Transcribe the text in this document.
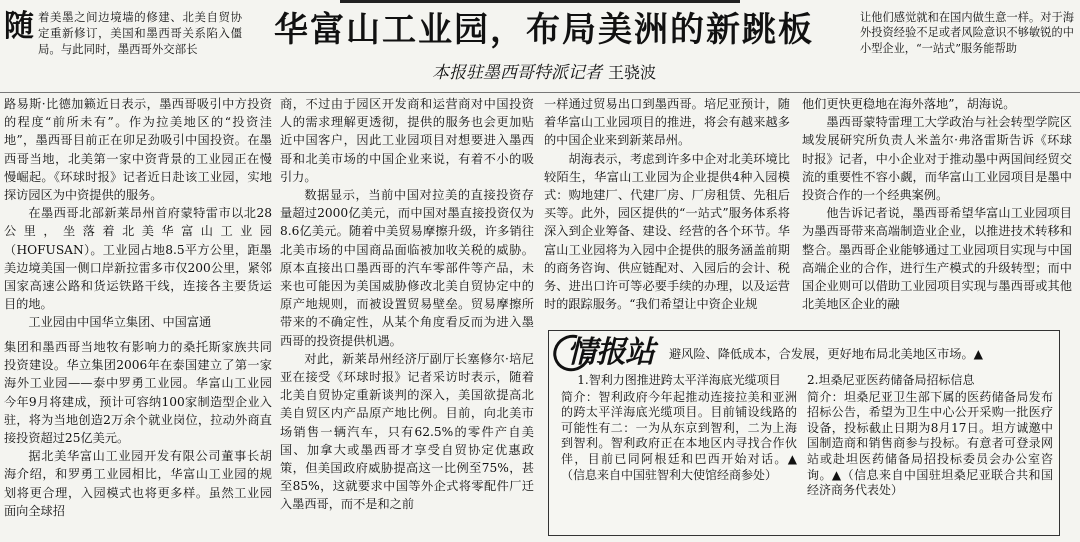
随着美墨之间边境墙的修建、北美自贸协定重新修订，美国和墨西哥关系陷入僵局。与此同时，墨西哥外交部长	华富山工业园，布局美洲的新跳板
本报驻墨西哥特派记者 王骁波
让他们感觉就和在国内做生意一样。对于海外投资经验不足或者风险意识不够敏锐的中小型企业，“一站式”服务能帮助

路易斯·比德加籁近日表示，墨西哥吸引中方投资的程度“前所未有”。作为拉美地区的“投资洼地”，墨西哥目前正在卯足劲吸引中国投资。在墨西哥当地，北美第一家中资背景的工业园正在慢慢崛起。《环球时报》记者近日赴该工业园，实地探访园区为中资提供的服务。

在墨西哥北部新莱昂州首府蒙特雷市以北28公里，坐落着北美华富山工业园（HOFUSAN）。工业园占地8.5平方公里，距墨美边境美国一侧口岸新拉雷多市仅200公里，紧邻国家高速公路和货运铁路干线，连接各主要货运目的地。

工业园由中国华立集团、中国富通

集团和墨西哥当地牧有影响力的桑托斯家族共同投资建设。华立集团2006年在泰国建立了第一家海外工业园——泰中罗勇工业园。华富山工业园今年9月将建成，预计可容纳100家制造型企业入驻，将为当地创造2万余个就业岗位，拉动外商直接投资超过25亿美元。

据北美华富山工业园开发有限公司董事长胡海介绍，和罗勇工业园相比，华富山工业园的规划将更合理，入园模式也将更多样。虽然工业园面向全球招

商，不过由于园区开发商和运营商对中国投资人的需求理解更透彻，提供的服务也会更加贴近中国客户，因此工业园项目对想要进入墨西哥和北美市场的中国企业来说，有着不小的吸引力。

数据显示，当前中国对拉美的直接投资存量超过2000亿美元，而中国对墨直接投资仅为8.6亿美元。随着中美贸易摩擦升级，许多销往北美市场的中国商品面临被加收关税的威胁。原本直接出口墨西哥的汽车零部件等产品，未来也可能因为美国威胁修改北美自贸协定中的原产地规则，而被设置贸易壁垒。贸易摩擦所带来的不确定性，从某个角度看反而为进入墨西哥的投资提供机遇。

对此，新莱昂州经济厅副厅长塞修尔·培尼亚在接受《环球时报》记者采访时表示，随着北美自贸协定重新谈判的深入，美国欲提高北美自贸区内产品原产地比例。目前，向北美市场销售一辆汽车，只有62.5%的零件产自美国、加拿大或墨西哥才享受自贸协定优惠政策，但美国政府威胁提高这一比例至75%，甚至85%，这就要求中国等外企式将零配件厂迁入墨西哥，而不是和之前

一样通过贸易出口到墨西哥。培尼亚预计，随着华富山工业园项目的推进，将会有越来越多的中国企业来到新莱昂州。

胡海表示，考虑到许多中企对北美环境比较陌生，华富山工业园为企业提供4种入园模式：购地建厂、代建厂房、厂房租赁、先租后买等。此外，园区提供的“一站式”服务体系将深入到企业筹备、建设、经营的各个环节。华富山工业园将为入园中企提供的服务涵盖前期的商务咨询、供应链配对、入园后的会计、税务、进出口许可等必要手续的办理，以及运营时的跟踪服务。“我们希望让中资企业规

他们更快更稳地在海外落地”，胡海说。

墨西哥蒙特雷理工大学政治与社会转型学院区域发展研究所负责人米盖尔·弗洛雷斯告诉《环球时报》记者，中小企业对于推动墨中两国间经贸交流的重要性不容小觑，而华富山工业园项目是墨中投资合作的一个经典案例。

他告诉记者说，墨西哥希望华富山工业园项目为墨西哥带来高端制造业企业，以推进技术转移和整合。墨西哥企业能够通过工业园项目实现与中国高端企业的合作，进行生产模式的升级转型；而中国企业则可以借助工业园项目实现与墨西哥或其他北美地区企业的融

情报站 避风险、降低成本，合发展，更好地布局北美地区市场。▲
1.智利力图推进跨太平洋海底光缆项目
简介：智利政府今年起推动连接拉美和亚洲的跨太平洋海底光缆项目。目前铺设线路的可能性有二：一为从东京到智利，二为上海到智利。智利政府正在本地区内寻找合作伙伴，目前已同阿根廷和巴西开始对话。▲（信息来自中国驻智利大使馆经商参处）
2.坦桑尼亚医药储备局招标信息
简介：坦桑尼亚卫生部下属的医药储备局发布招标公告，希望为卫生中心公开采购一批医疗设备，投标截止日期为8月17日。坦方诚邀中国制造商和销售商参与投标。有意者可登录网站或赴坦医药储备局招投标委员会办公室咨询。▲（信息来自中国驻坦桑尼亚联合共和国经济商务代表处）
